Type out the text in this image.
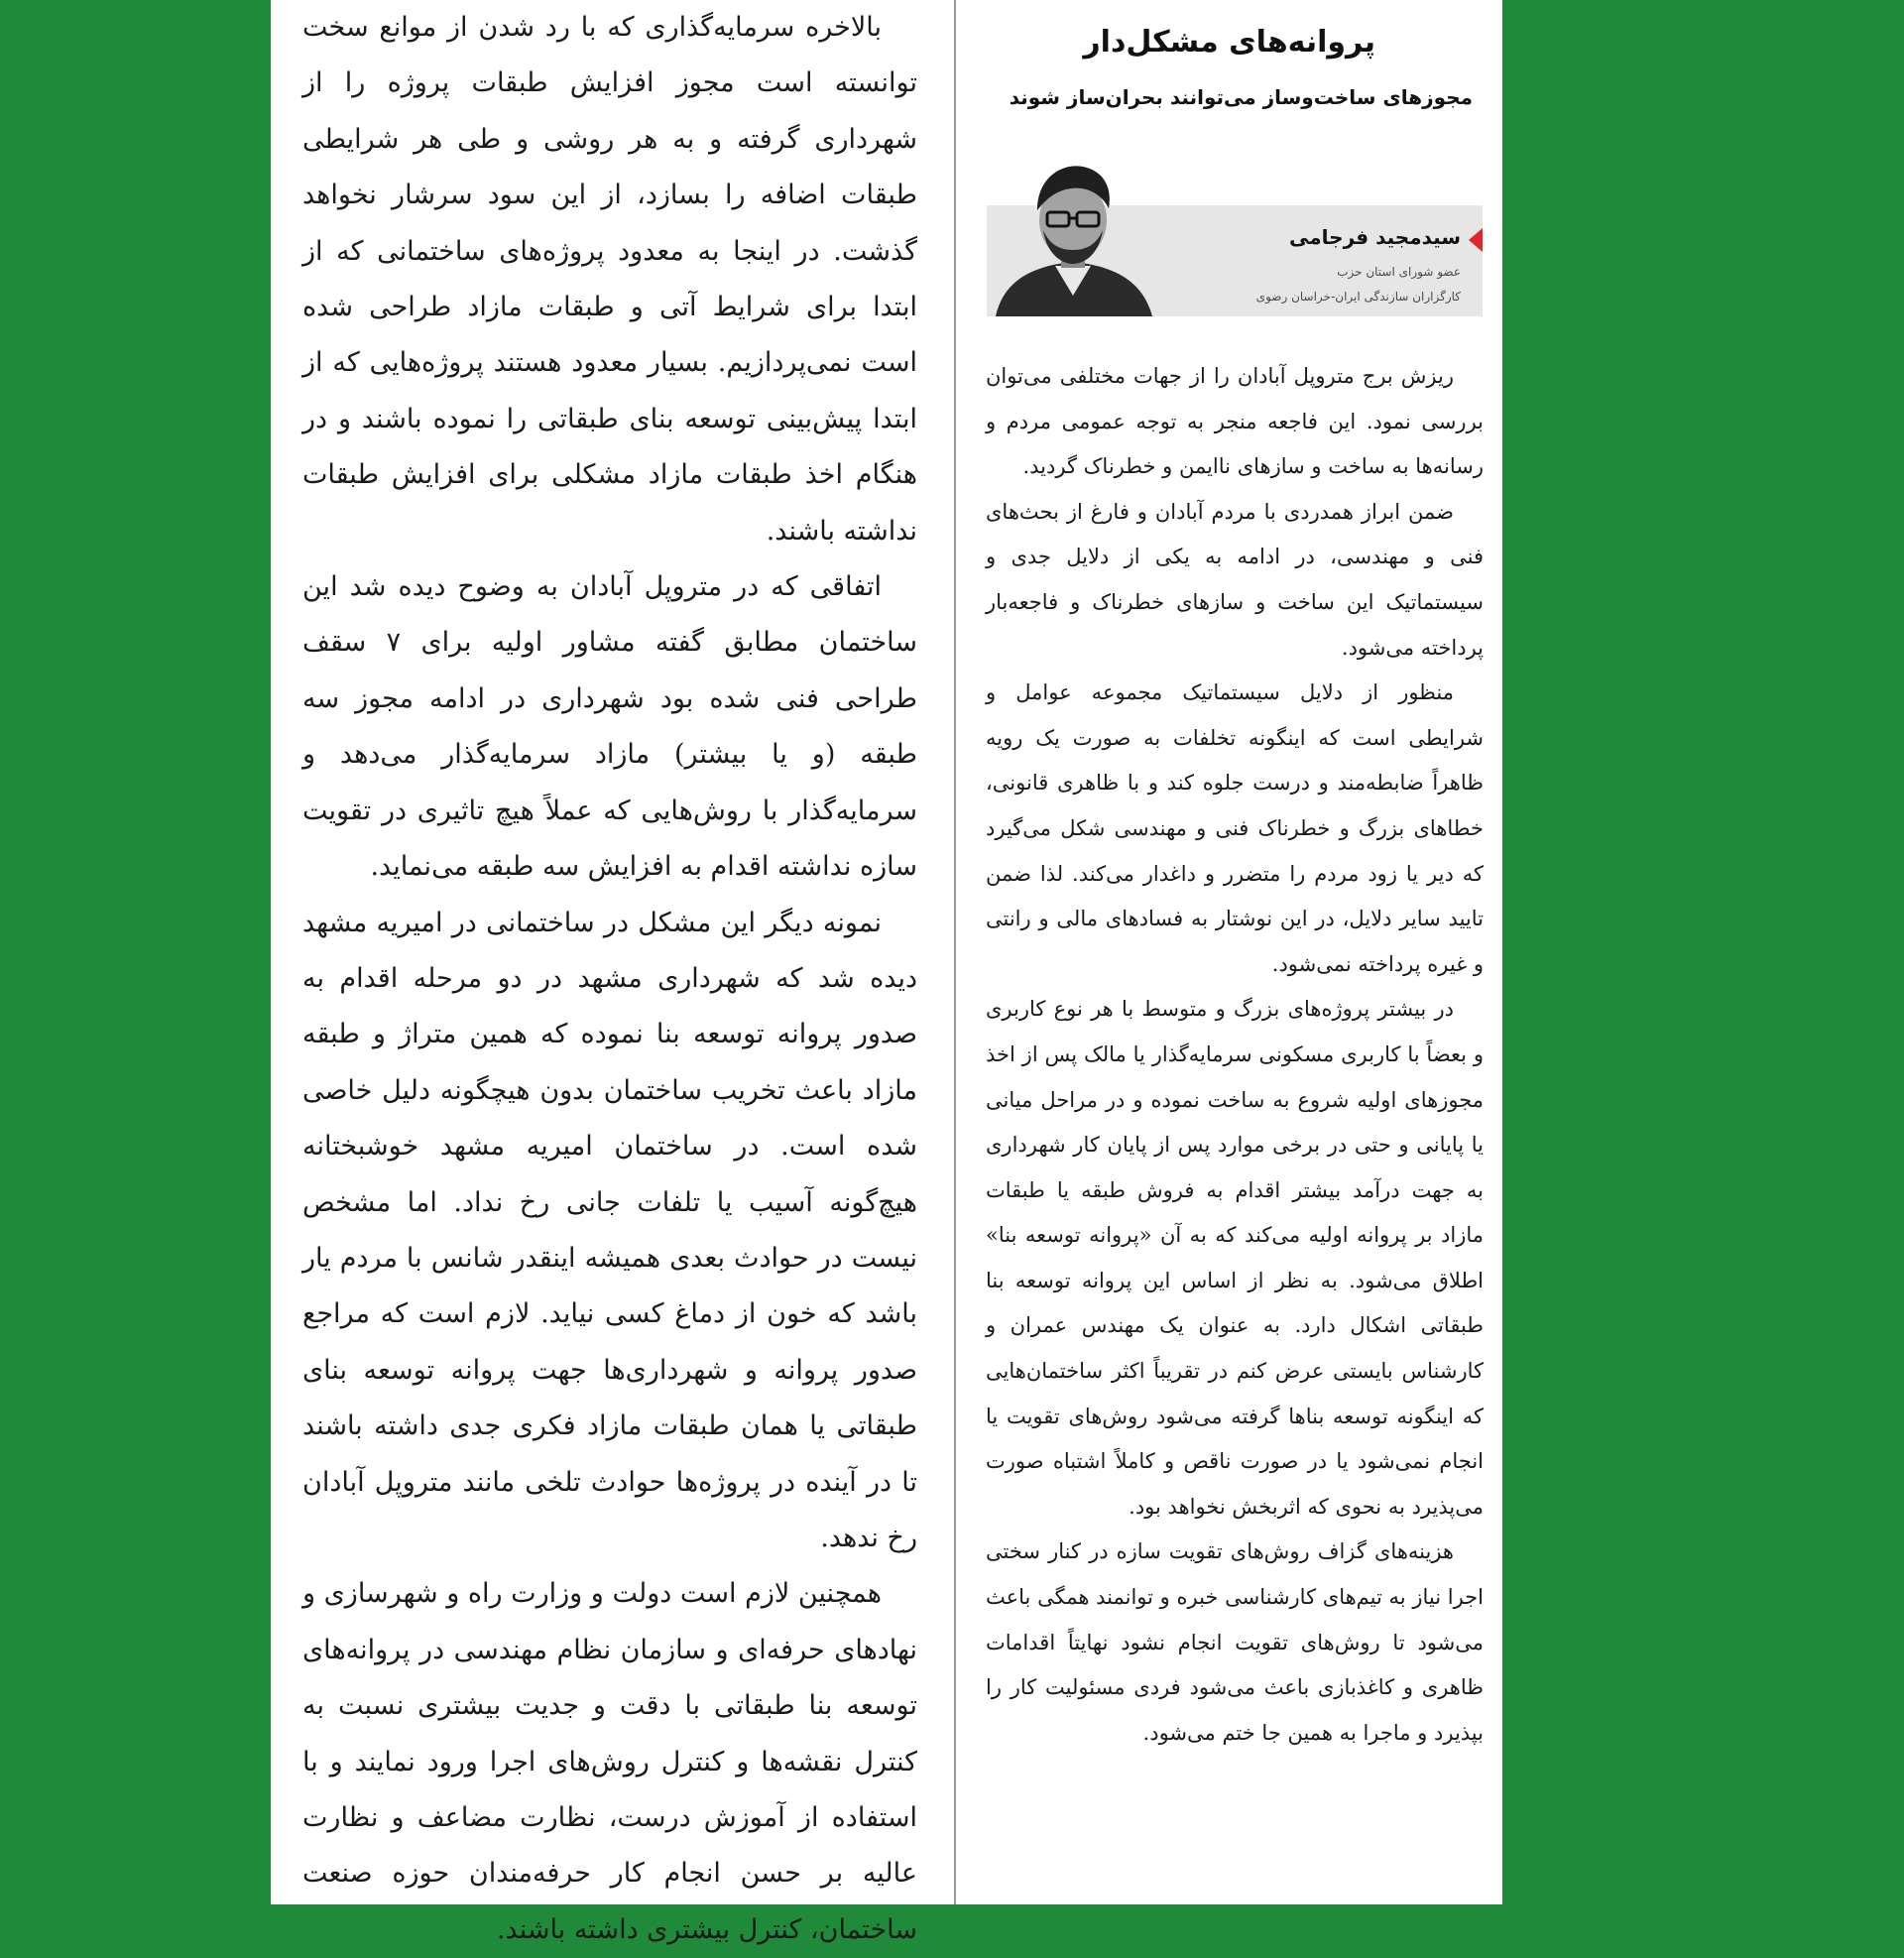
بالاخره سرمایه‌گذاری که با رد شدن از موانع سخت توانسته است مجوز افزایش طبقات پروژه را از شهرداری گرفته و به هر روشی و طی هر شرایطی طبقات اضافه را بسازد، از این سود سرشار نخواهد گذشت. در اینجا به معدود پروژه‌های ساختمانی که از ابتدا برای شرایط آتی و طبقات مازاد طراحی شده است نمی‌پردازیم. بسیار معدود هستند پروژه‌هایی که از ابتدا پیش‌بینی توسعه بنای طبقاتی را نموده باشند و در هنگام اخذ طبقات مازاد مشکلی برای افزایش طبقات نداشته باشند.

اتفاقی که در متروپل آبادان به وضوح دیده شد این ساختمان مطابق گفته مشاور اولیه برای ۷ سقف طراحی فنی شده بود شهرداری در ادامه مجوز سه طبقه (و یا بیشتر) مازاد سرمایه‌گذار می‌دهد و سرمایه‌گذار با روش‌هایی که عملاً هیچ تاثیری در تقویت سازه نداشته اقدام به افزایش سه طبقه می‌نماید.

نمونه دیگر این مشکل در ساختمانی در امیریه مشهد دیده شد که شهرداری مشهد در دو مرحله اقدام به صدور پروانه توسعه بنا نموده که همین متراژ و طبقه مازاد باعث تخریب ساختمان بدون هیچگونه دلیل خاصی شده است. در ساختمان امیریه مشهد خوشبختانه هیچ‌گونه آسیب یا تلفات جانی رخ نداد. اما مشخص نیست در حوادث بعدی همیشه اینقدر شانس با مردم یار باشد که خون از دماغ کسی نیاید. لازم است که مراجع صدور پروانه و شهرداری‌ها جهت پروانه توسعه بنای طبقاتی یا همان طبقات مازاد فکری جدی داشته باشند تا در آینده در پروژه‌ها حوادث تلخی مانند متروپل آبادان رخ ندهد.

همچنین لازم است دولت و وزارت راه و شهرسازی و نهادهای حرفه‌ای و سازمان نظام مهندسی در پروانه‌های توسعه بنا طبقاتی با دقت و جدیت بیشتری نسبت به کنترل نقشه‌ها و کنترل روش‌های اجرا ورود نمایند و با استفاده از آموزش درست، نظارت مضاعف و نظارت عالیه بر حسن انجام کار حرفه‌مندان حوزه صنعت ساختمان، کنترل بیشتری داشته باشند.

پروانه‌های مشکل‌دار
مجوزهای ساخت‌وساز می‌توانند بحران‌ساز شوند
سیدمجید فرجامی
عضو شورای استان حزب
کارگزاران سازندگی ایران-خراسان رضوی

ریزش برج متروپل آبادان را از جهات مختلفی می‌توان بررسی نمود. این فاجعه منجر به توجه عمومی مردم و رسانه‌ها به ساخت و سازهای ناایمن و خطرناک گردید.

ضمن ابراز همدردی با مردم آبادان و فارغ از بحث‌های فنی و مهندسی، در ادامه به یکی از دلایل جدی و سیستماتیک این ساخت و سازهای خطرناک و فاجعه‌بار پرداخته می‌شود.

منظور از دلایل سیستماتیک مجموعه عوامل و شرایطی است که اینگونه تخلفات به صورت یک رویه ظاهراً ضابطه‌مند و درست جلوه کند و با ظاهری قانونی، خطاهای بزرگ و خطرناک فنی و مهندسی شکل می‌گیرد که دیر یا زود مردم را متضرر و داغدار می‌کند. لذا ضمن تایید سایر دلایل، در این نوشتار به فسادهای مالی و رانتی و غیره پرداخته نمی‌شود.

در بیشتر پروژه‌های بزرگ و متوسط با هر نوع کاربری و بعضاً با کاربری مسکونی سرمایه‌گذار یا مالک پس از اخذ مجوزهای اولیه شروع به ساخت نموده و در مراحل میانی یا پایانی و حتی در برخی موارد پس از پایان کار شهرداری به جهت درآمد بیشتر اقدام به فروش طبقه یا طبقات مازاد بر پروانه اولیه می‌کند که به آن «پروانه توسعه بنا» اطلاق می‌شود. به نظر از اساس این پروانه توسعه بنا طبقاتی اشکال دارد. به عنوان یک مهندس عمران و کارشناس بایستی عرض کنم در تقریباً اکثر ساختمان‌هایی که اینگونه توسعه بناها گرفته می‌شود روش‌های تقویت یا انجام نمی‌شود یا در صورت ناقص و کاملاً اشتباه صورت می‌پذیرد به نحوی که اثربخش نخواهد بود.

هزینه‌های گزاف روش‌های تقویت سازه در کنار سختی اجرا نیاز به تیم‌های کارشناسی خبره و توانمند همگی باعث می‌شود تا روش‌های تقویت انجام نشود نهایتاً اقدامات ظاهری و کاغذبازی باعث می‌شود فردی مسئولیت کار را بپذیرد و ماجرا به همین جا ختم می‌شود.
